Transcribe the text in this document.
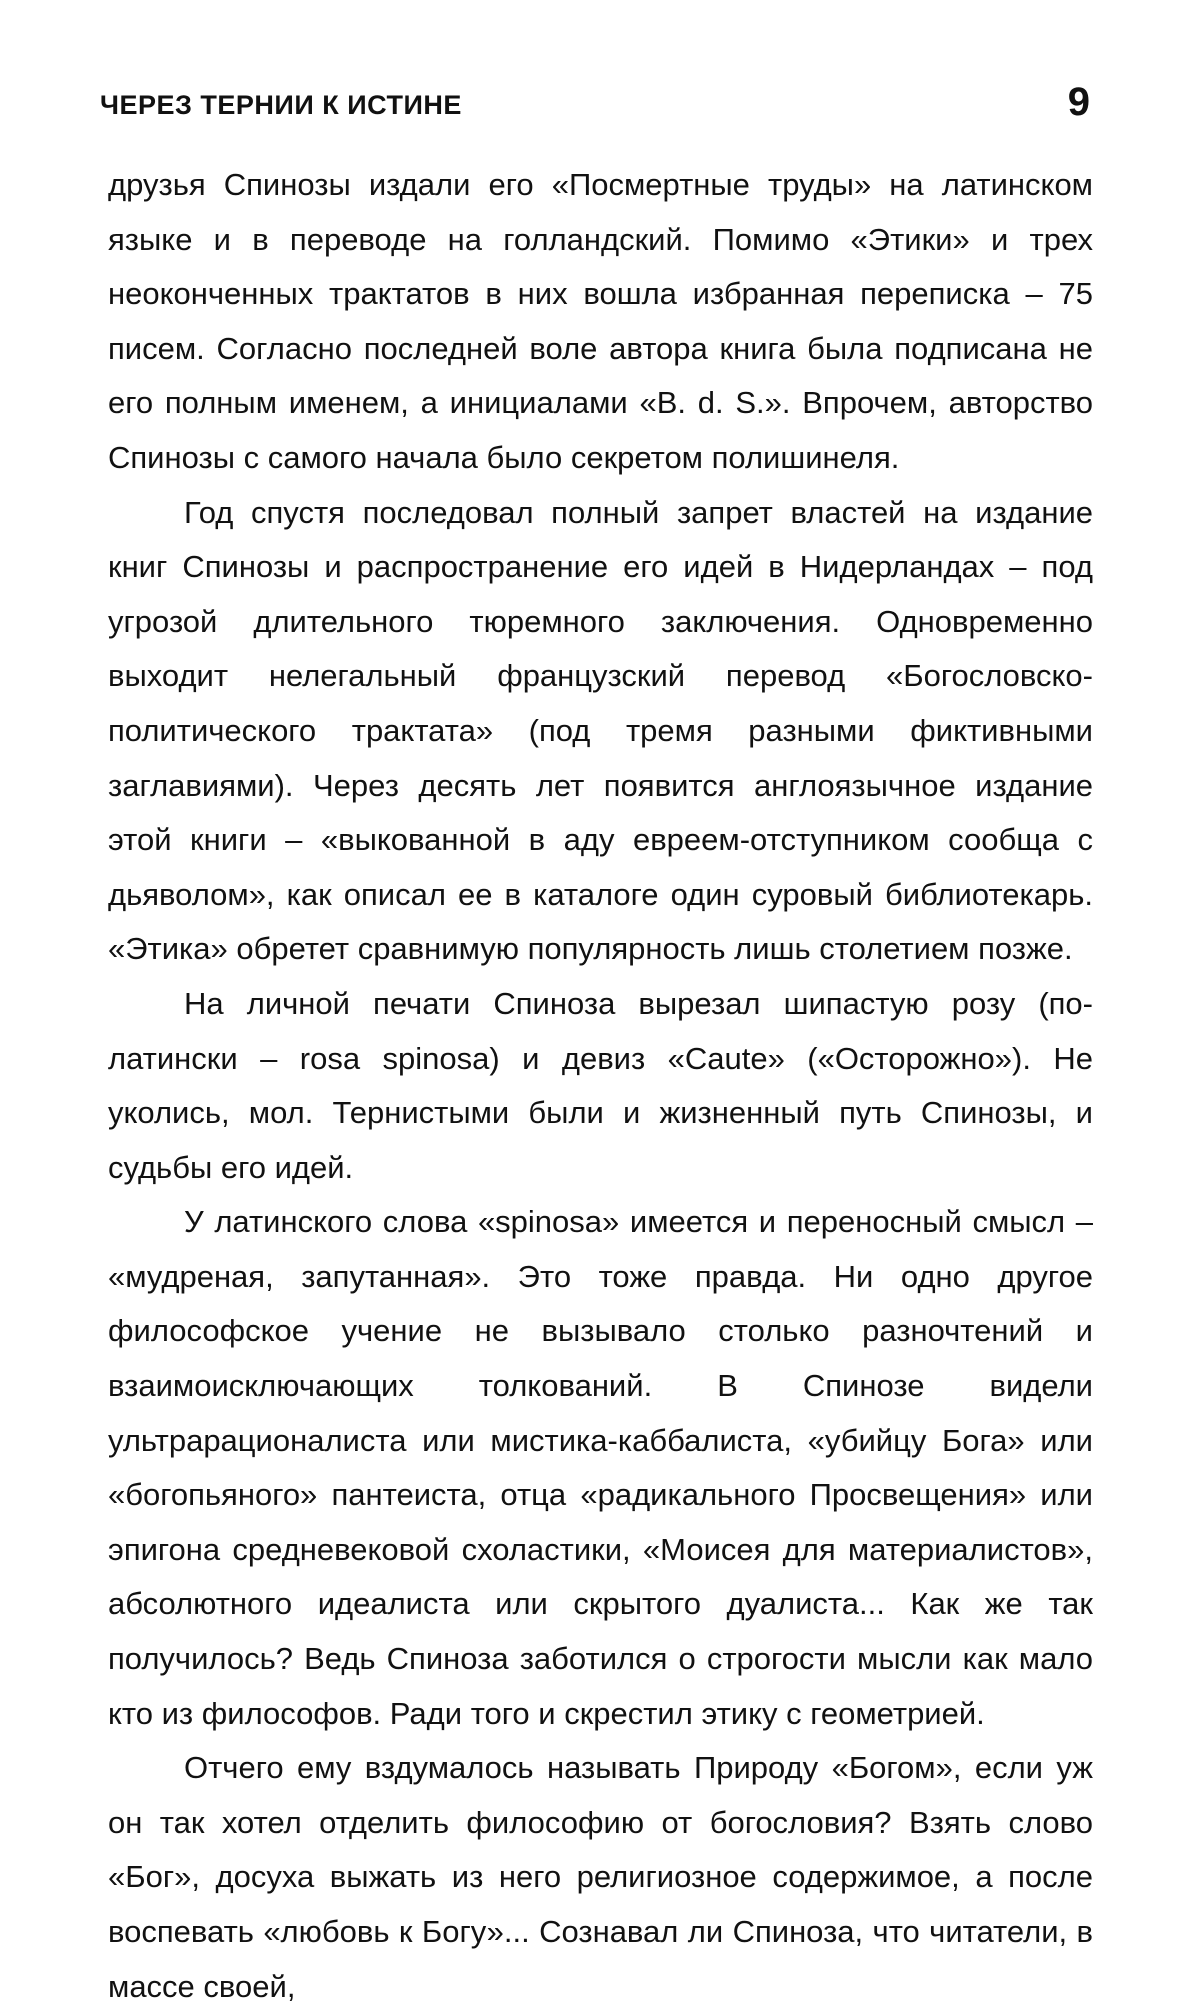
ЧЕРЕЗ ТЕРНИИ К ИСТИНЕ	9

друзья Спинозы издали его «Посмертные труды» на латинском языке и в переводе на голландский. Помимо «Этики» и трех неоконченных трактатов в них вошла избранная переписка – 75 писем. Согласно последней воле автора книга была подписана не его полным именем, а инициалами «B. d. S.». Впрочем, авторство Спинозы с самого начала было секретом полишинеля.

Год спустя последовал полный запрет властей на издание книг Спинозы и распространение его идей в Нидерландах – под угрозой длительного тюремного заключения. Одновременно выходит нелегальный французский перевод «Богословско-политического трактата» (под тремя разными фиктивными заглавиями). Через десять лет появится англоязычное издание этой книги – «выкованной в аду евреем-отступником сообща с дьяволом», как описал ее в каталоге один суровый библиотекарь. «Этика» обретет сравнимую популярность лишь столетием позже.

На личной печати Спиноза вырезал шипастую розу (по-латински – rosa spinosa) и девиз «Caute» («Осторожно»). Не уколись, мол. Тернистыми были и жизненный путь Спинозы, и судьбы его идей.

У латинского слова «spinosa» имеется и переносный смысл – «мудреная, запутанная». Это тоже правда. Ни одно другое философское учение не вызывало столько разночтений и взаимоисключающих толкований. В Спинозе видели ультрарационалиста или мистика-каббалиста, «убийцу Бога» или «богопьяного» пантеиста, отца «радикального Просвещения» или эпигона средневековой схоластики, «Моисея для материалистов», абсолютного идеалиста или скрытого дуалиста... Как же так получилось? Ведь Спиноза заботился о строгости мысли как мало кто из философов. Ради того и скрестил этику с геометрией.

Отчего ему вздумалось называть Природу «Богом», если уж он так хотел отделить философию от богословия? Взять слово «Бог», досуха выжать из него религиозное содержимое, а после воспевать «любовь к Богу»... Сознавал ли Спиноза, что читатели, в массе своей,
